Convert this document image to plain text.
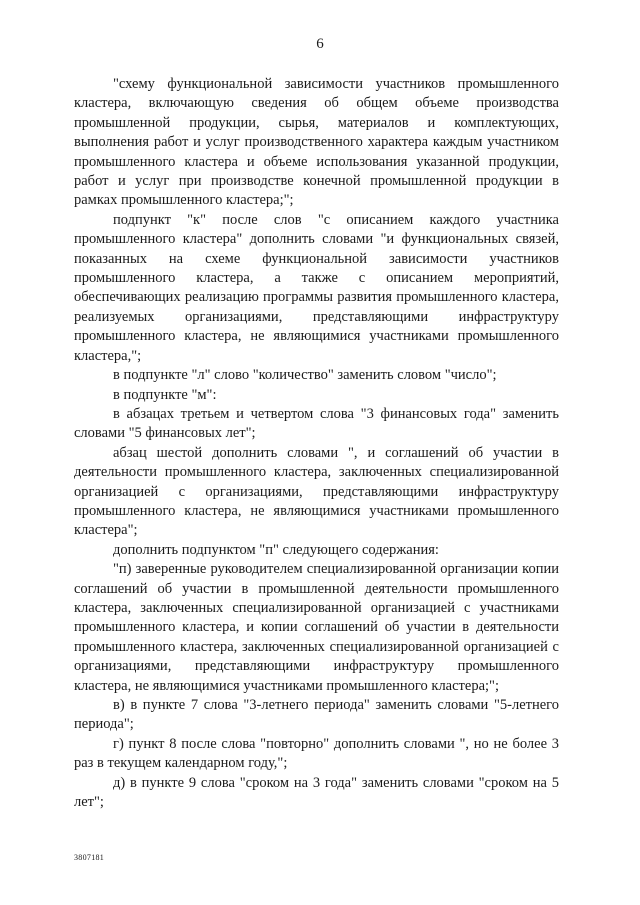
6

"схему функциональной зависимости участников промышленного кластера, включающую сведения об общем объеме производства промышленной продукции, сырья, материалов и комплектующих, выполнения работ и услуг производственного характера каждым участником промышленного кластера и объеме использования указанной продукции, работ и услуг при производстве конечной промышленной продукции в рамках промышленного кластера;";

подпункт "к" после слов "с описанием каждого участника промышленного кластера" дополнить словами "и функциональных связей, показанных на схеме функциональной зависимости участников промышленного кластера, а также с описанием мероприятий, обеспечивающих реализацию программы развития промышленного кластера, реализуемых организациями, представляющими инфраструктуру промышленного кластера, не являющимися участниками промышленного кластера,";

в подпункте "л" слово "количество" заменить словом "число";

в подпункте "м":

в абзацах третьем и четвертом слова "3 финансовых года" заменить словами "5 финансовых лет";

абзац шестой дополнить словами ", и соглашений об участии в деятельности промышленного кластера, заключенных специализированной организацией с организациями, представляющими инфраструктуру промышленного кластера, не являющимися участниками промышленного кластера";

дополнить подпунктом "п" следующего содержания:

"п) заверенные руководителем специализированной организации копии соглашений об участии в промышленной деятельности промышленного кластера, заключенных специализированной организацией с участниками промышленного кластера, и копии соглашений об участии в деятельности промышленного кластера, заключенных специализированной организацией с организациями, представляющими инфраструктуру промышленного кластера, не являющимися участниками промышленного кластера;";

в) в пункте 7 слова "3-летнего периода" заменить словами "5-летнего периода";

г) пункт 8 после слова "повторно" дополнить словами ", но не более 3 раз в текущем календарном году,";

д) в пункте 9 слова "сроком на 3 года" заменить словами "сроком на 5 лет";

3807181
